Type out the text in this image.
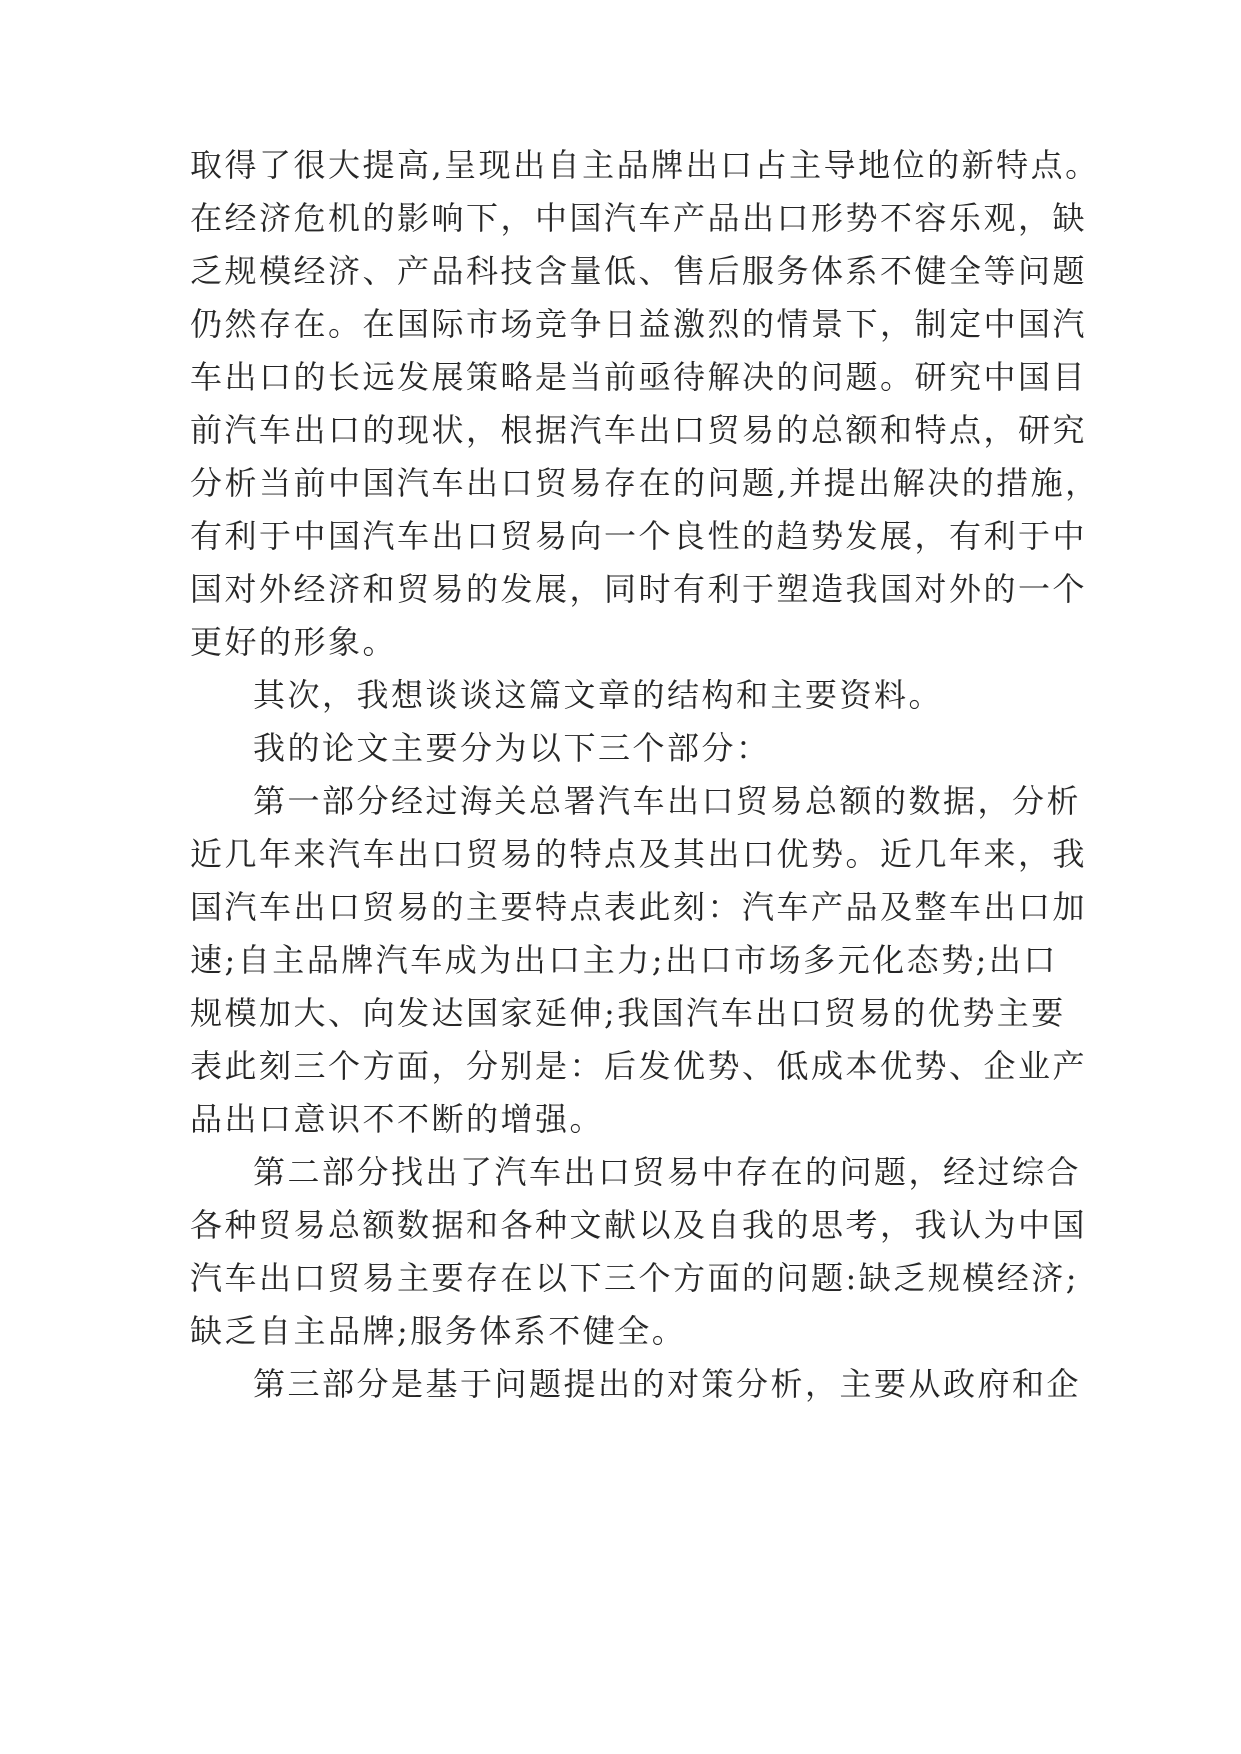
取得了很大提高,呈现出自主品牌出口占主导地位的新特点。

在经济危机的影响下，中国汽车产品出口形势不容乐观，缺

乏规模经济、产品科技含量低、售后服务体系不健全等问题

仍然存在。在国际市场竞争日益激烈的情景下，制定中国汽

车出口的长远发展策略是当前亟待解决的问题。研究中国目

前汽车出口的现状，根据汽车出口贸易的总额和特点，研究

分析当前中国汽车出口贸易存在的问题,并提出解决的措施，

有利于中国汽车出口贸易向一个良性的趋势发展，有利于中

国对外经济和贸易的发展，同时有利于塑造我国对外的一个

更好的形象。

其次，我想谈谈这篇文章的结构和主要资料。

我的论文主要分为以下三个部分：

第一部分经过海关总署汽车出口贸易总额的数据，分析

近几年来汽车出口贸易的特点及其出口优势。近几年来，我

国汽车出口贸易的主要特点表此刻：汽车产品及整车出口加

速;自主品牌汽车成为出口主力;出口市场多元化态势;出口

规模加大、向发达国家延伸;我国汽车出口贸易的优势主要

表此刻三个方面，分别是：后发优势、低成本优势、企业产

品出口意识不不断的增强。

第二部分找出了汽车出口贸易中存在的问题，经过综合

各种贸易总额数据和各种文献以及自我的思考，我认为中国

汽车出口贸易主要存在以下三个方面的问题:缺乏规模经济;

缺乏自主品牌;服务体系不健全。

第三部分是基于问题提出的对策分析，主要从政府和企
